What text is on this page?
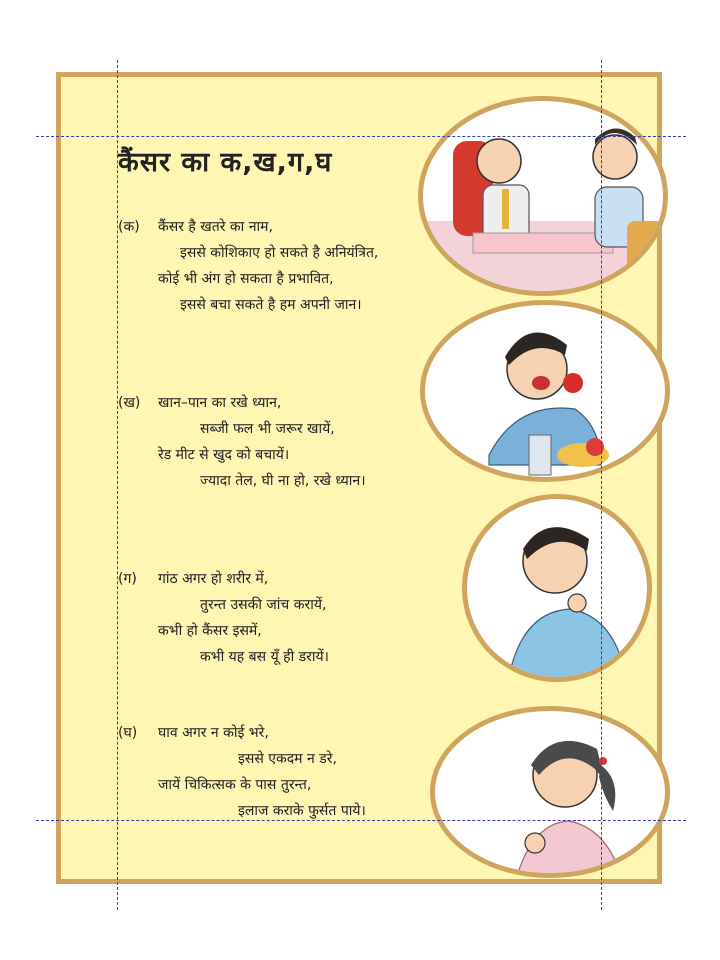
कैंसर का क,ख,ग,घ
(क) कैंसर है खतरे का नाम,
इससे कोशिकाए हो सकते है अनियंत्रित,
कोई भी अंग हो सकता है प्रभावित,
इससे बचा सकते है हम अपनी जान।
(ख) खान–पान का रखे ध्यान,
सब्जी फल भी जरूर खायें,
रेड मीट से खुद को बचायें।
ज्यादा तेल, घी ना हो, रखे ध्यान।
(ग) गांठ अगर हो शरीर में,
तुरन्त उसकी जांच करायें,
कभी हो कैंसर इसमें,
कभी यह बस यूँ ही डरायें।
(घ) घाव अगर न कोई भरे,
इससे एकदम न डरे,
जायें चिकित्सक के पास तुरन्त,
इलाज कराके फुर्सत पाये।
